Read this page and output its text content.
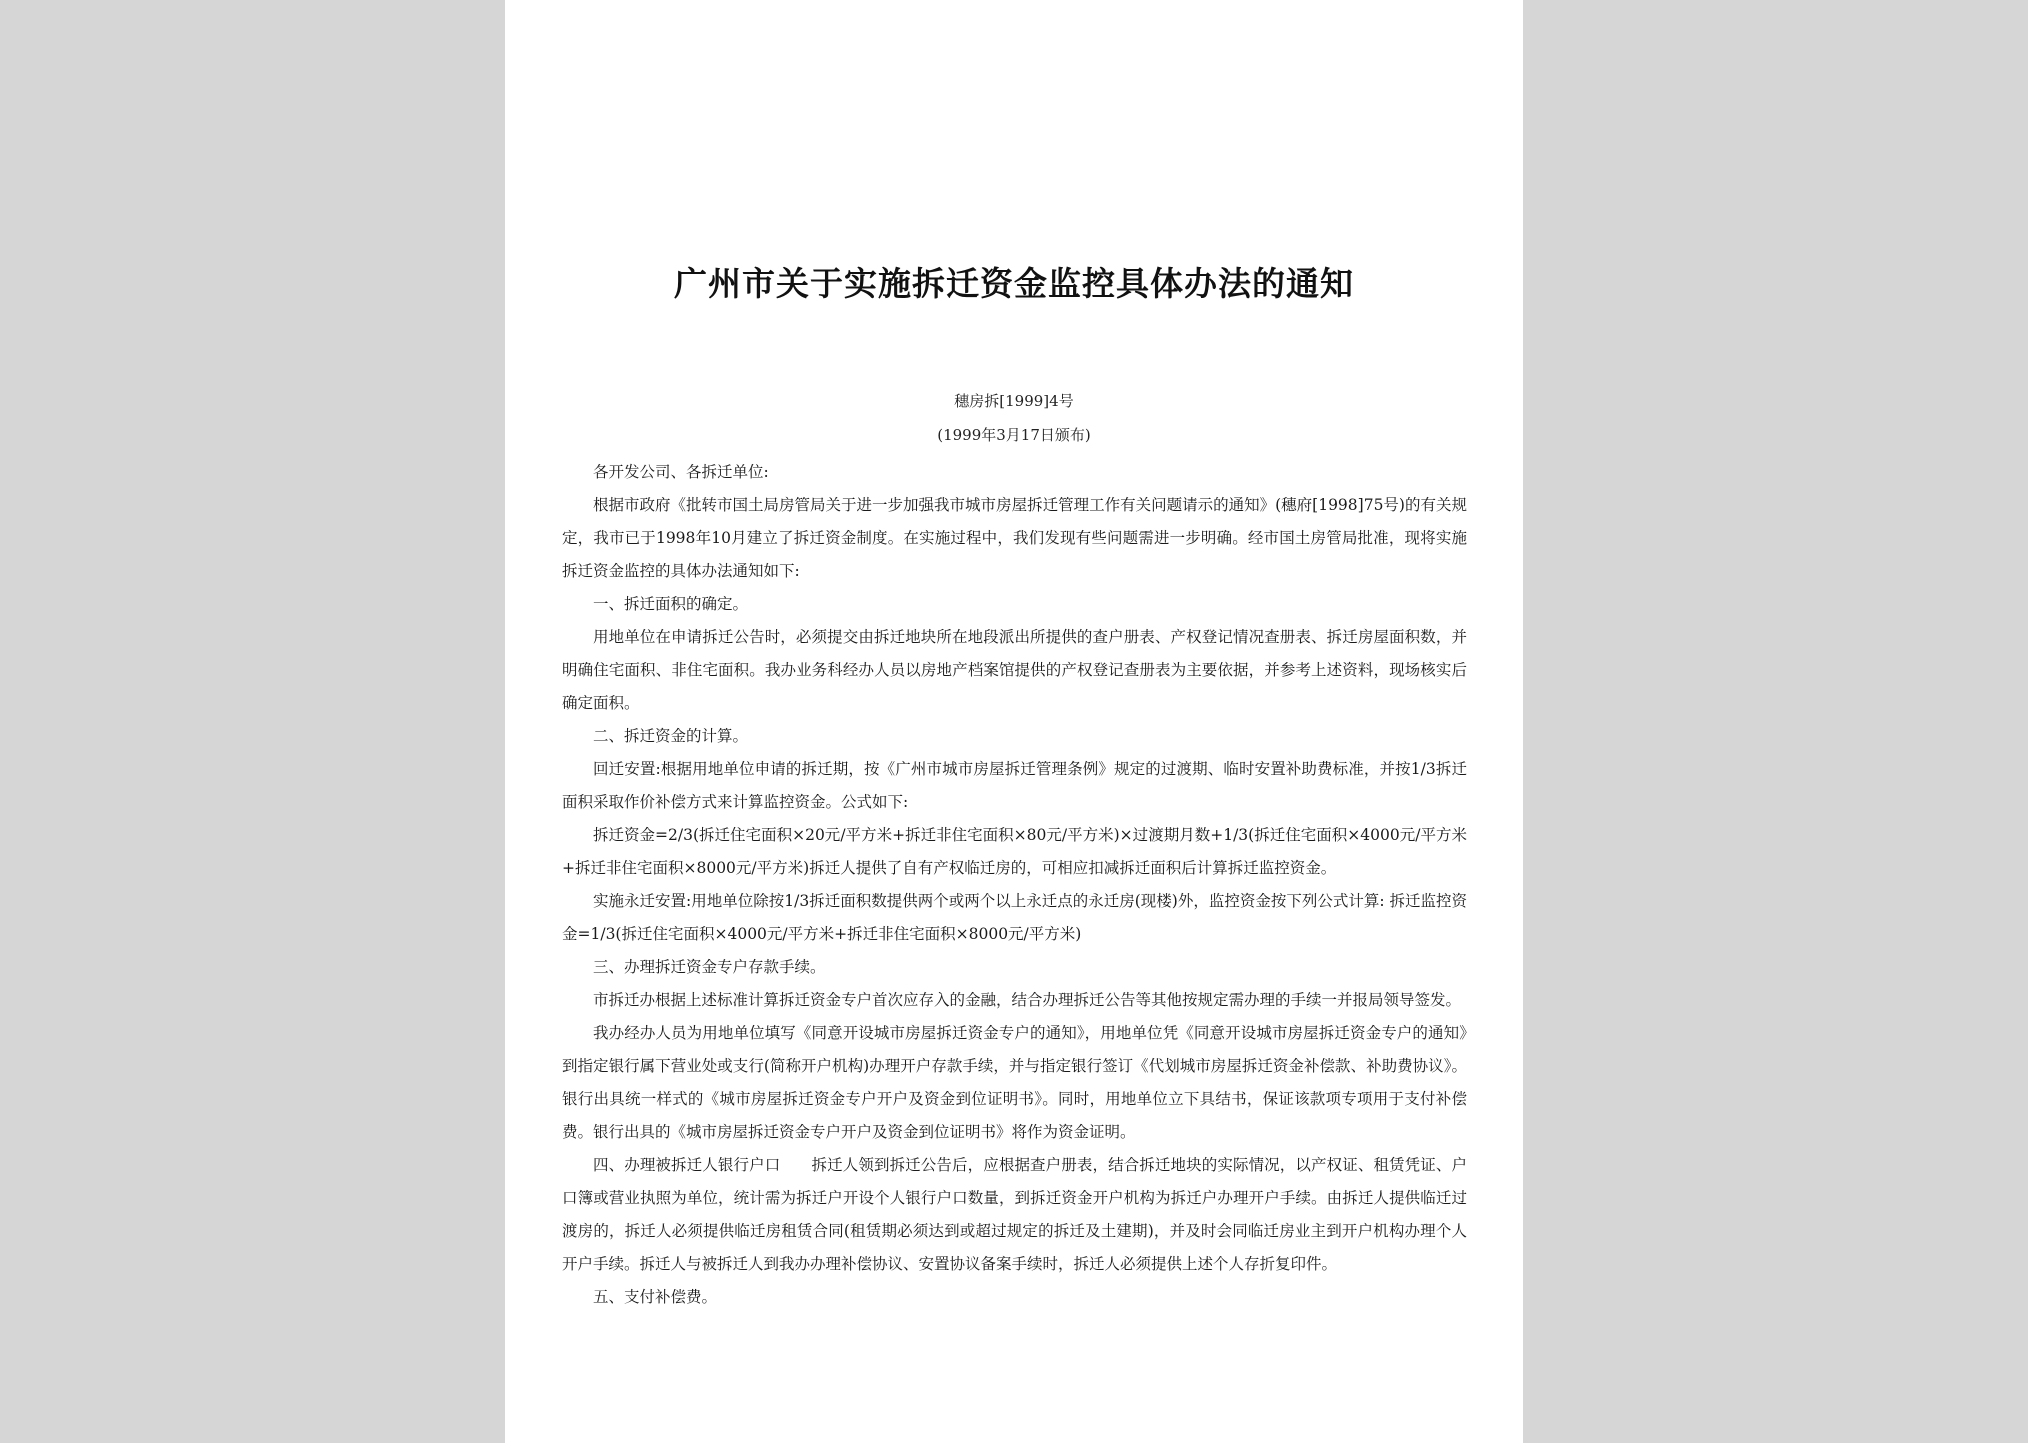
广州市关于实施拆迁资金监控具体办法的通知
穗房拆[1999]4号
(1999年3月17日颁布)

各开发公司、各拆迁单位:

根据市政府《批转市国土局房管局关于进一步加强我市城市房屋拆迁管理工作有关问题请示的通知》(穗府[1998]75号)的有关规定，我市已于1998年10月建立了拆迁资金制度。在实施过程中，我们发现有些问题需进一步明确。经市国土房管局批准，现将实施拆迁资金监控的具体办法通知如下:

一、拆迁面积的确定。

用地单位在申请拆迁公告时，必须提交由拆迁地块所在地段派出所提供的查户册表、产权登记情况查册表、拆迁房屋面积数，并明确住宅面积、非住宅面积。我办业务科经办人员以房地产档案馆提供的产权登记查册表为主要依据，并参考上述资料，现场核实后确定面积。

二、拆迁资金的计算。

回迁安置:根据用地单位申请的拆迁期，按《广州市城市房屋拆迁管理条例》规定的过渡期、临时安置补助费标准，并按1/3拆迁面积采取作价补偿方式来计算监控资金。公式如下:

拆迁资金=2/3(拆迁住宅面积×20元/平方米+拆迁非住宅面积×80元/平方米)×过渡期月数+1/3(拆迁住宅面积×4000元/平方米+拆迁非住宅面积×8000元/平方米)拆迁人提供了自有产权临迁房的，可相应扣减拆迁面积后计算拆迁监控资金。

实施永迁安置:用地单位除按1/3拆迁面积数提供两个或两个以上永迁点的永迁房(现楼)外，监控资金按下列公式计算: 拆迁监控资金=1/3(拆迁住宅面积×4000元/平方米+拆迁非住宅面积×8000元/平方米)

三、办理拆迁资金专户存款手续。

市拆迁办根据上述标准计算拆迁资金专户首次应存入的金融，结合办理拆迁公告等其他按规定需办理的手续一并报局领导签发。

我办经办人员为用地单位填写《同意开设城市房屋拆迁资金专户的通知》，用地单位凭《同意开设城市房屋拆迁资金专户的通知》到指定银行属下营业处或支行(简称开户机构)办理开户存款手续，并与指定银行签订《代划城市房屋拆迁资金补偿款、补助费协议》。银行出具统一样式的《城市房屋拆迁资金专户开户及资金到位证明书》。同时，用地单位立下具结书，保证该款项专项用于支付补偿费。银行出具的《城市房屋拆迁资金专户开户及资金到位证明书》将作为资金证明。

四、办理被拆迁人银行户口　　拆迁人领到拆迁公告后，应根据查户册表，结合拆迁地块的实际情况，以产权证、租赁凭证、户口簿或营业执照为单位，统计需为拆迁户开设个人银行户口数量，到拆迁资金开户机构为拆迁户办理开户手续。由拆迁人提供临迁过渡房的，拆迁人必须提供临迁房租赁合同(租赁期必须达到或超过规定的拆迁及土建期)，并及时会同临迁房业主到开户机构办理个人开户手续。拆迁人与被拆迁人到我办办理补偿协议、安置协议备案手续时，拆迁人必须提供上述个人存折复印件。

五、支付补偿费。
